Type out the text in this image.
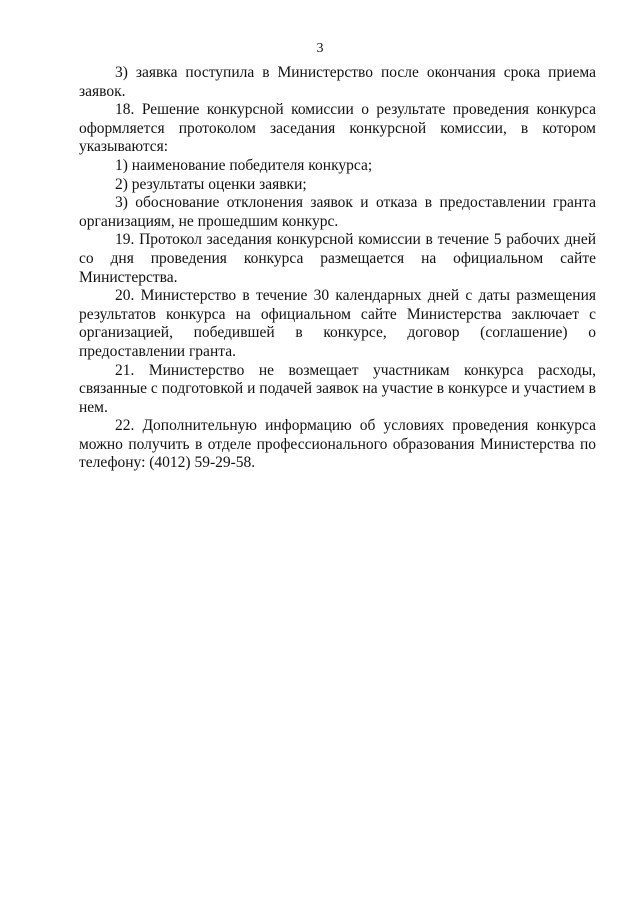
3

3) заявка поступила в Министерство после окончания срока приема заявок.

18. Решение конкурсной комиссии о результате проведения конкурса оформляется протоколом заседания конкурсной комиссии, в котором указываются:

1) наименование победителя конкурса;

2) результаты оценки заявки;

3) обоснование отклонения заявок и отказа в предоставлении гранта организациям, не прошедшим конкурс.

19. Протокол заседания конкурсной комиссии в течение 5 рабочих дней со дня проведения конкурса размещается на официальном сайте Министерства.

20. Министерство в течение 30 календарных дней с даты размещения результатов конкурса на официальном сайте Министерства заключает с организацией, победившей в конкурсе, договор (соглашение) о предоставлении гранта.

21. Министерство не возмещает участникам конкурса расходы, связанные с подготовкой и подачей заявок на участие в конкурсе и участием в нем.

22. Дополнительную информацию об условиях проведения конкурса можно получить в отделе профессионального образования Министерства по телефону: (4012) 59-29-58.
